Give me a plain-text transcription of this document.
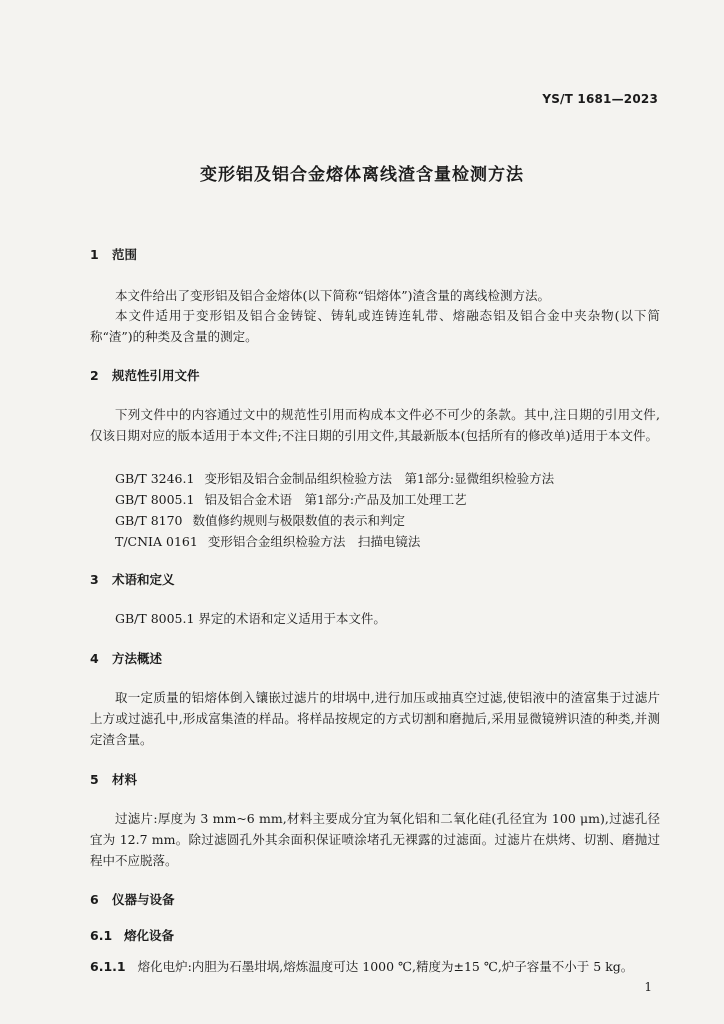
YS/T 1681—2023
变形铝及铝合金熔体离线渣含量检测方法
1 范围

本文件给出了变形铝及铝合金熔体(以下简称“铝熔体”)渣含量的离线检测方法。

本文件适用于变形铝及铝合金铸锭、铸轧或连铸连轧带、熔融态铝及铝合金中夹杂物(以下简称“渣”)的种类及含量的测定。

2 规范性引用文件

下列文件中的内容通过文中的规范性引用而构成本文件必不可少的条款。其中,注日期的引用文件,仅该日期对应的版本适用于本文件;不注日期的引用文件,其最新版本(包括所有的修改单)适用于本文件。

GB/T 3246.1 变形铝及铝合金制品组织检验方法　第1部分:显微组织检验方法
GB/T 8005.1 铝及铝合金术语　第1部分:产品及加工处理工艺
GB/T 8170 数值修约规则与极限数值的表示和判定
T/CNIA 0161 变形铝合金组织检验方法　扫描电镜法
3 术语和定义

GB/T 8005.1 界定的术语和定义适用于本文件。

4 方法概述

取一定质量的铝熔体倒入镶嵌过滤片的坩埚中,进行加压或抽真空过滤,使铝液中的渣富集于过滤片上方或过滤孔中,形成富集渣的样品。将样品按规定的方式切割和磨抛后,采用显微镜辨识渣的种类,并测定渣含量。

5 材料

过滤片:厚度为 3 mm~6 mm,材料主要成分宜为氧化铝和二氧化硅(孔径宜为 100 μm),过滤孔径宜为 12.7 mm。除过滤圆孔外其余面积保证喷涂堵孔无裸露的过滤面。过滤片在烘烤、切割、磨抛过程中不应脱落。

6 仪器与设备
6.1 熔化设备
6.1.1 熔化电炉:内胆为石墨坩埚,熔炼温度可达 1000 ℃,精度为±15 ℃,炉子容量不小于 5 kg。
1
